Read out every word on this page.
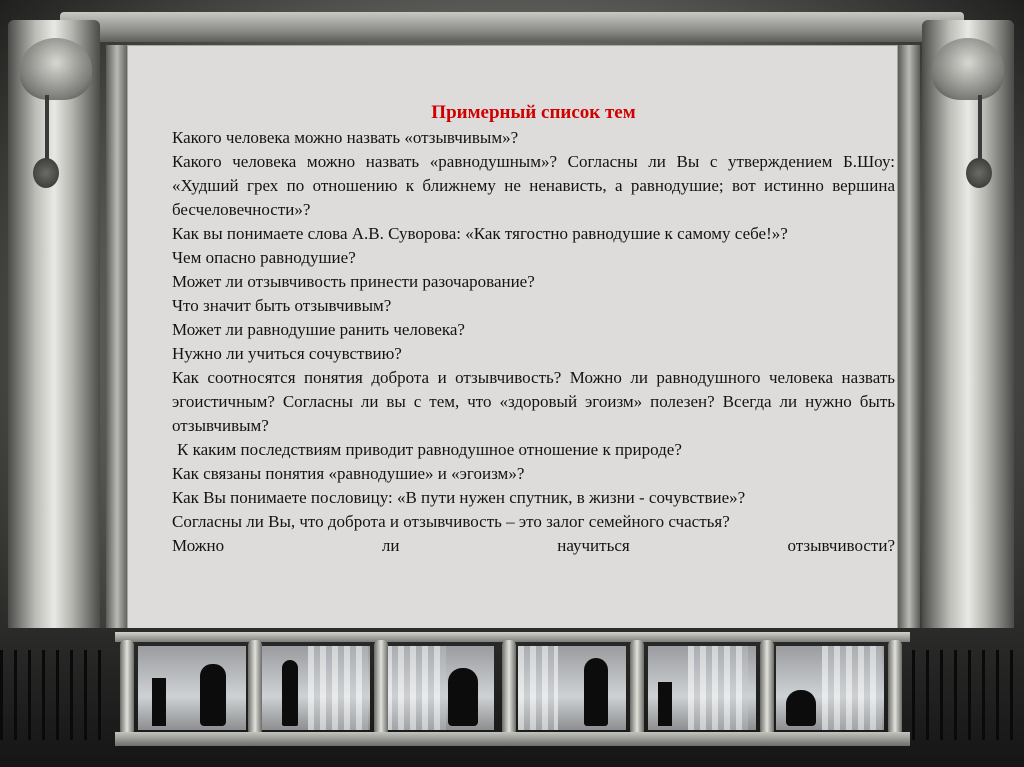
Примерный список тем

Какого человека можно назвать «отзывчивым»?

Какого человека можно назвать «равнодушным»? Согласны ли Вы с утверждением Б.Шоу: «Худший грех по отношению к ближнему не ненависть, а равнодушие; вот истинно вершина бесчеловечности»?

Как вы понимаете слова А.В. Суворова: «Как тягостно равнодушие к самому себе!»?

Чем опасно равнодушие?

Может ли отзывчивость принести разочарование?

Что значит быть отзывчивым?

Может ли равнодушие ранить человека?

Нужно ли учиться сочувствию?

Как соотносятся понятия доброта и отзывчивость? Можно ли равнодушного человека назвать эгоистичным? Согласны ли вы с тем, что «здоровый эгоизм» полезен? Всегда ли нужно быть отзывчивым?

К каким последствиям приводит равнодушное отношение к природе?

Как связаны понятия «равнодушие» и «эгоизм»?

Как Вы понимаете пословицу: «В пути нужен спутник, в жизни - сочувствие»?

Согласны ли Вы, что доброта и отзывчивость – это залог семейного счастья?

Можно ли научиться отзывчивости?
